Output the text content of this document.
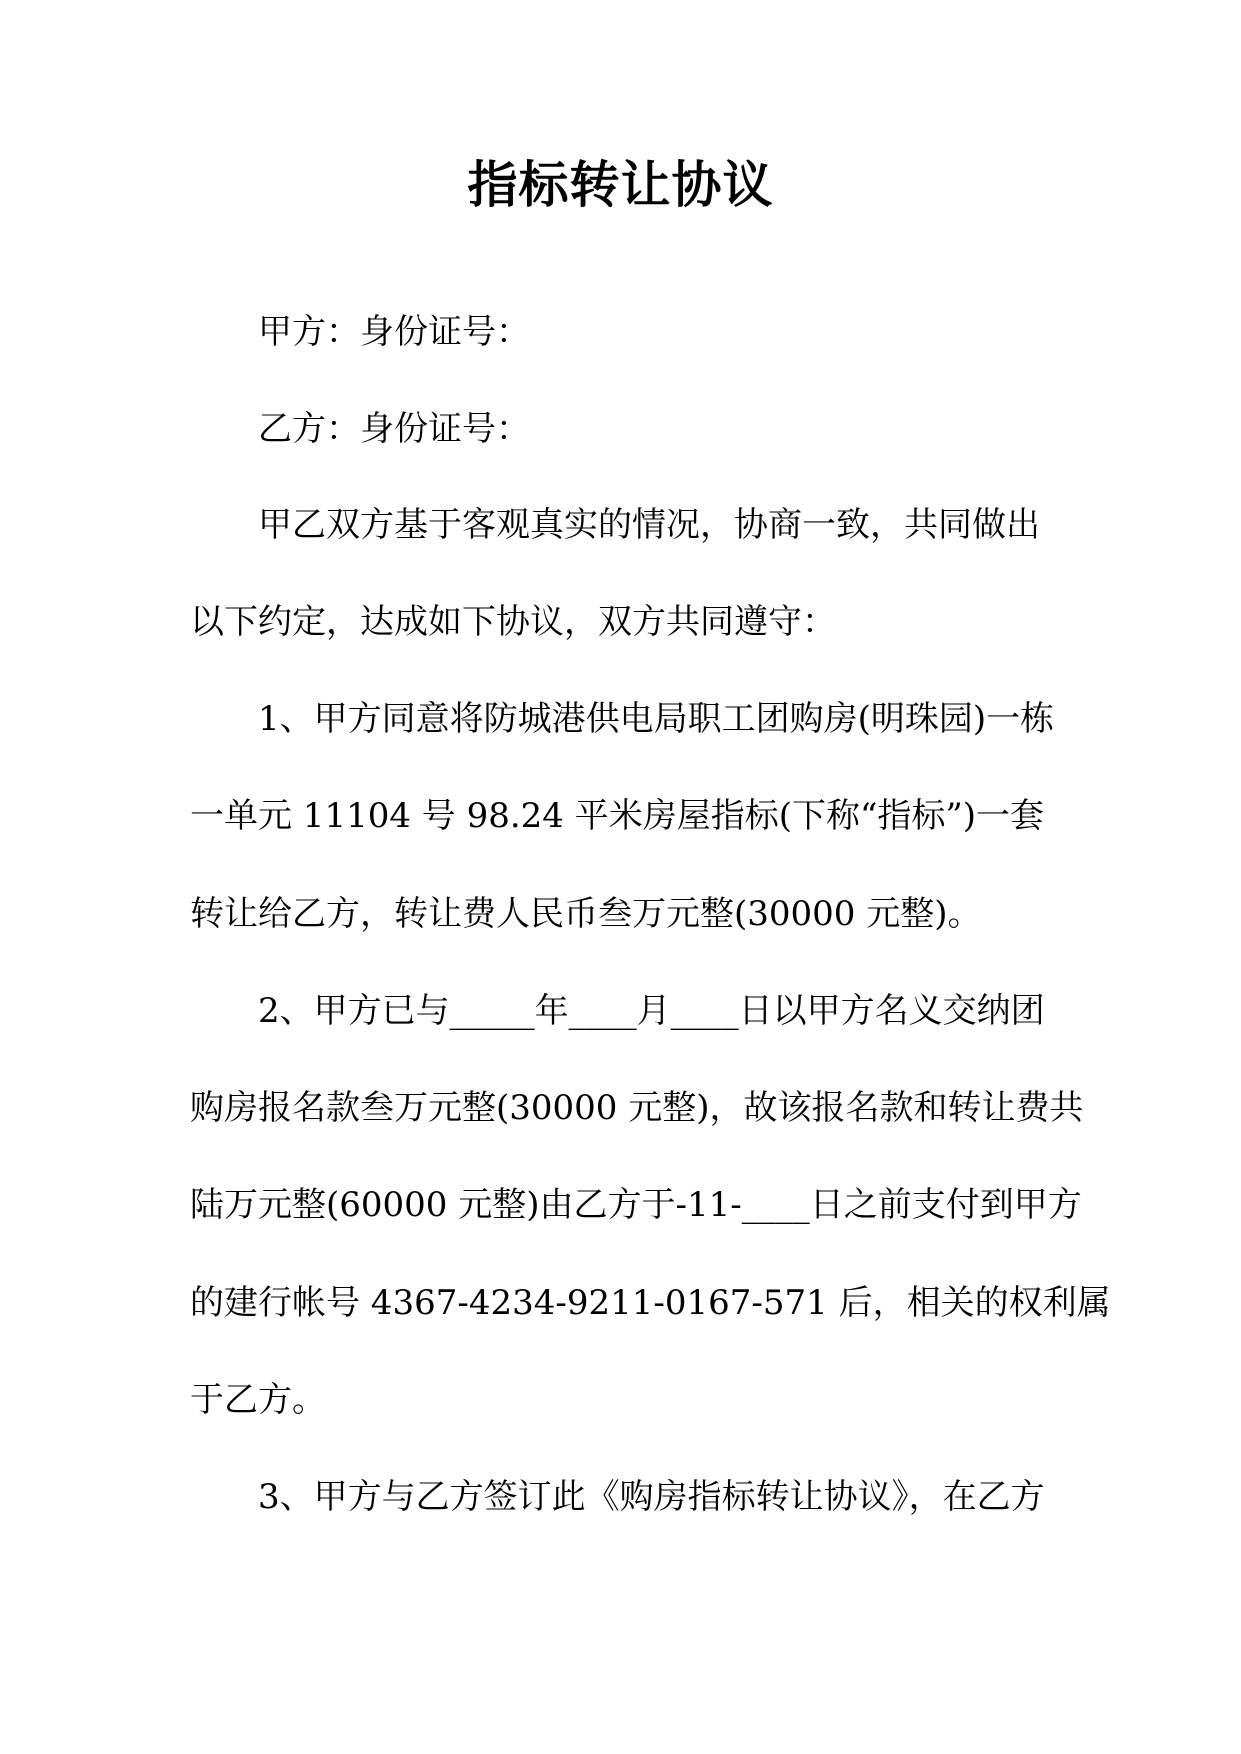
指标转让协议

甲方：身份证号：

乙方：身份证号：

甲乙双方基于客观真实的情况，协商一致，共同做出

以下约定，达成如下协议，双方共同遵守：

1、甲方同意将防城港供电局职工团购房(明珠园)一栋

一单元 11104 号 98.24 平米房屋指标(下称“指标”)一套

转让给乙方，转让费人民币叁万元整(30000 元整)。

2、甲方已与_____年____月____日以甲方名义交纳团

购房报名款叁万元整(30000 元整)，故该报名款和转让费共

陆万元整(60000 元整)由乙方于-11-____日之前支付到甲方

的建行帐号 4367-4234-9211-0167-571 后，相关的权利属

于乙方。

3、甲方与乙方签订此《购房指标转让协议》，在乙方
